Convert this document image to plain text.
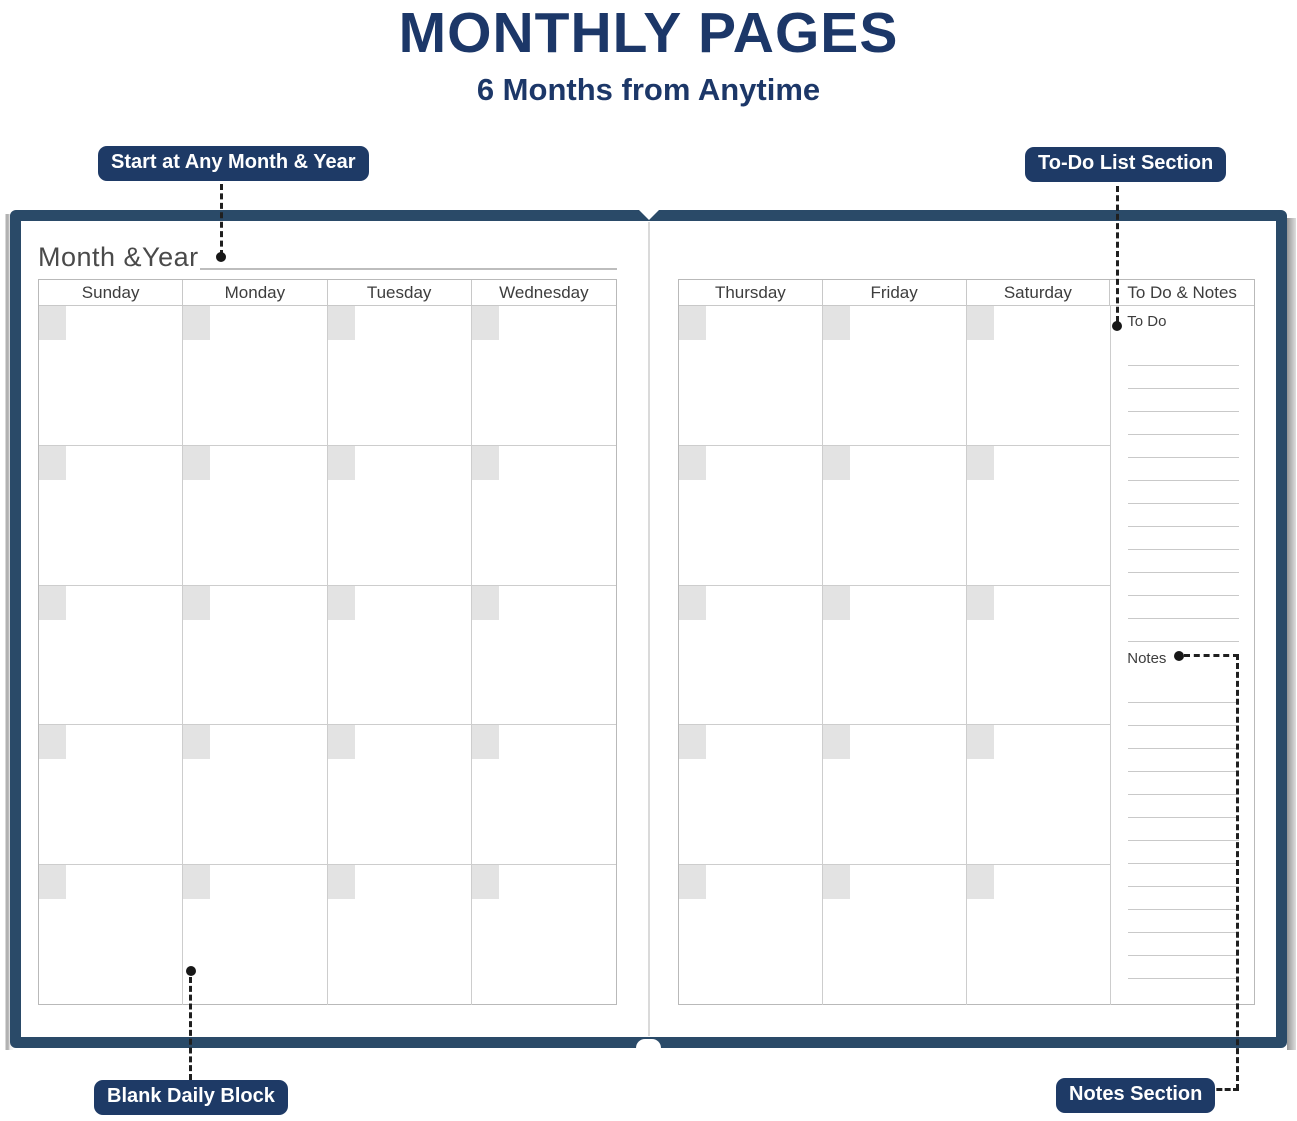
MONTHLY PAGES
6 Months from Anytime
Month &Year
Sunday	Monday	Tuesday	Wednesday	Thursday	Friday	Saturday	To Do & Notes
To Do
Notes
Start at Any Month & Year	To-Do List Section
Blank Daily Block	Notes Section
